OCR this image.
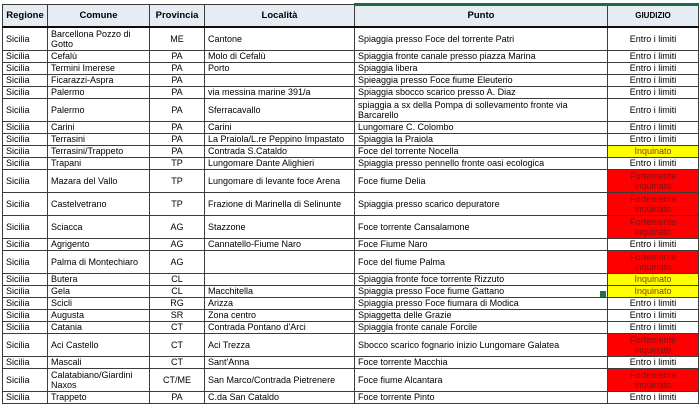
Regione	Comune	Provincia	Località	Punto	GIUDIZIO
Sicilia	Barcellona Pozzo di Gotto	ME	Cantone	Spiaggia presso Foce del torrente Patri	Entro i limiti
Sicilia	Cefalù	PA	Molo di Cefalù	Spiaggia fronte canale presso piazza Marina	Entro i limiti
Sicilia	Termini Imerese	PA	Porto	Spiaggia libera	Entro i limiti
Sicilia	Ficarazzi-Aspra	PA		Spieaggia presso Foce fiume Eleuterio	Entro i limiti
Sicilia	Palermo	PA	via messina marine 391/a	Spiaggia sbocco scarico presso A. Diaz	Entro i limiti
Sicilia	Palermo	PA	Sferracavallo	spiaggia a sx della Pompa di sollevamento fronte via Barcarello	Entro i limiti
Sicilia	Carini	PA	Carini	Lungomare C. Colombo	Entro i limiti
Sicilia	Terrasini	PA	La Praiola/L.re Peppino Impastato	Spiaggia la Praiola	Entro i limiti
Sicilia	Terrasini/Trappeto	PA	Contrada S.Cataldo	Foce del torrente Nocella	Inquinato
Sicilia	Trapani	TP	Lungomare Dante Alighieri	Spiaggia presso pennello fronte oasi ecologica	Entro i limiti
Sicilia	Mazara del Vallo	TP	Lungomare di levante foce Arena	Foce fiume Delia	Fortemente inquinato
Sicilia	Castelvetrano	TP	Frazione di Marinella di Selinunte	Spiaggia presso scarico depuratore	Fortemente inquinato
Sicilia	Sciacca	AG	Stazzone	Foce torrente Cansalamone	Fortemente inquinato
Sicilia	Agrigento	AG	Cannatello-Fiume Naro	Foce Fiume Naro	Entro i limiti
Sicilia	Palma di Montechiaro	AG		Foce del fiume Palma	Fortemente inquinato
Sicilia	Butera	CL		Spiaggia fronte foce torrente Rizzuto	Inquinato
Sicilia	Gela	CL	Macchitella	Spiaggia presso Foce fiume Gattano	Inquinato
Sicilia	Scicli	RG	Arizza	Spiaggia presso Foce fiumara di Modica	Entro i limiti
Sicilia	Augusta	SR	Zona centro	Spiaggetta delle Grazie	Entro i limiti
Sicilia	Catania	CT	Contrada Pontano d'Arci	Spiaggia fronte canale Forcile	Entro i limiti
Sicilia	Aci Castello	CT	Aci Trezza	Sbocco scarico fognario inizio Lungomare Galatea	Fortemente inquinato
Sicilia	Mascali	CT	Sant'Anna	Foce torrente Macchia	Entro i limiti
Sicilia	Calatabiano/Giardini Naxos	CT/ME	San Marco/Contrada Pietrenere	Foce fiume Alcantara	Fortemente inquinato
Sicilia	Trappeto	PA	C.da San Cataldo	Foce torrente Pinto	Entro i limiti
